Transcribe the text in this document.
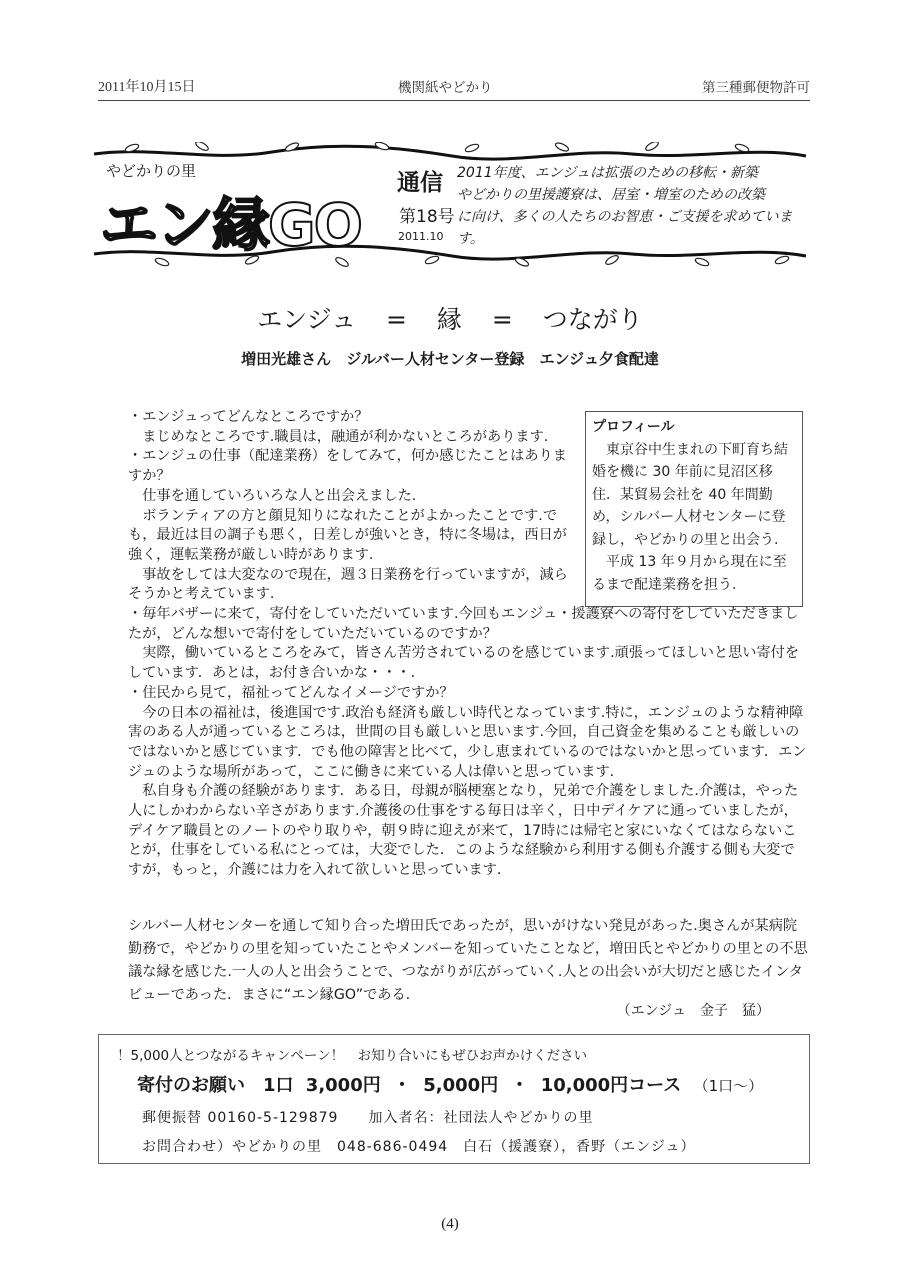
2011年10月15日	機関紙やどかり	第三種郵便物許可
やどかりの里
エン縁GO
通信
第18号
2011.10
2011年度、エンジュは拡張のための移転・新築
やどかりの里援護寮は、居室・増室のための改築
に向け、多くの人たちのお智恵・ご支援を求めています。
エンジュ = 縁 = つながり
増田光雄さん ジルバー人材センター登録 エンジュ夕食配達

・エンジュってどんなところですか？

まじめなところです.職員は，融通が利かないところがあります.

・エンジュの仕事（配達業務）をしてみて，何か感じたことはありますか？

仕事を通していろいろな人と出会えました.

ボランティアの方と顔見知りになれたことがよかったことです.でも，最近は目の調子も悪く，日差しが強いとき，特に冬場は，西日が強く，運転業務が厳しい時があります.

事故をしては大変なので現在，週３日業務を行っていますが，減らそうかと考えています.

・毎年バザーに来て，寄付をしていただいています.今回もエンジュ・援護寮への寄付をしていただきましたが，どんな想いで寄付をしていただいているのですか？

実際，働いているところをみて，皆さん苦労されているのを感じています.頑張ってほしいと思い寄付をしています．あとは，お付き合いかな・・・.

・住民から見て，福祉ってどんなイメージですか？

今の日本の福祉は，後進国です.政治も経済も厳しい時代となっています.特に，エンジュのような精神障害のある人が通っているところは，世間の目も厳しいと思います.今回，自己資金を集めることも厳しいのではないかと感じています．でも他の障害と比べて，少し恵まれているのではないかと思っています．エンジュのような場所があって，ここに働きに来ている人は偉いと思っています.

私自身も介護の経験があります．ある日，母親が脳梗塞となり，兄弟で介護をしました.介護は，やった人にしかわからない辛さがあります.介護後の仕事をする毎日は辛く，日中デイケアに通っていましたが，デイケア職員とのノートのやり取りや，朝９時に迎えが来て，17時には帰宅と家にいなくてはならないことが，仕事をしている私にとっては，大変でした．このような経験から利用する側も介護する側も大変ですが，もっと，介護には力を入れて欲しいと思っています.

プロフィール
東京谷中生まれの下町育ち結婚を機に 30 年前に見沼区移住．某貿易会社を 40 年間勤め，シルバー人材センターに登録し，やどかりの里と出会う.
平成 13 年９月から現在に至るまで配達業務を担う.

シルバー人材センターを通して知り合った増田氏であったが，思いがけない発見があった.奥さんが某病院勤務で，やどかりの里を知っていたことやメンバーを知っていたことなど，増田氏とやどかりの里との不思議な縁を感じた.一人の人と出会うことで、つながりが広がっていく.人との出会いが大切だと感じたインタビューであった．まさに“エン縁GO”である.

（エンジュ　金子　猛）
！5,000人とつながるキャンペーン！　お知り合いにもぜひお声かけください
寄付のお願い　1口 3,000円 ・ 5,000円 ・ 10,000円コース （1口〜）
郵便振替 00160-5-129879　　加入者名：社団法人やどかりの里
お問合わせ）やどかりの里　048-686-0494　白石（援護寮），香野（エンジュ）
(4)
